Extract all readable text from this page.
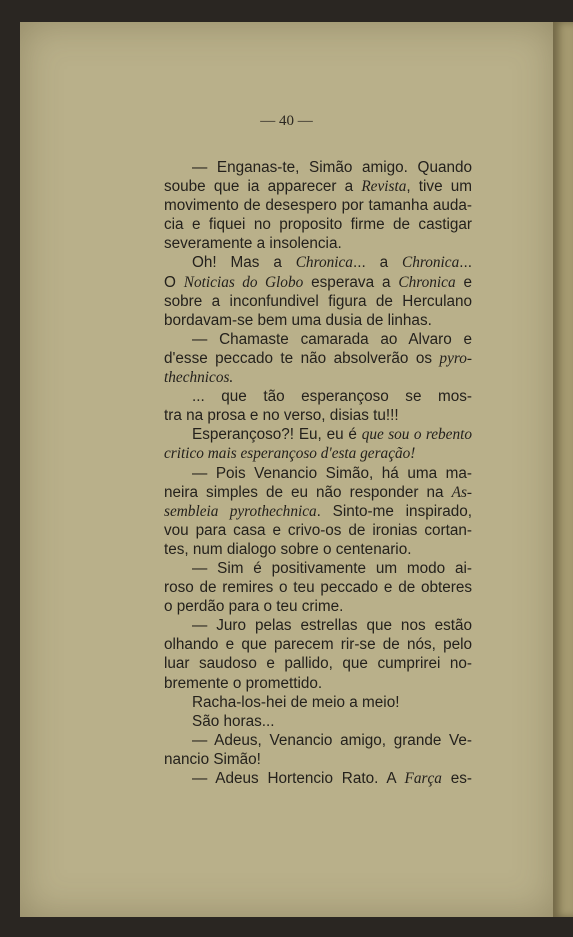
— 40 —
— Enganas-te, Simão amigo. Quando
soube que ia apparecer a Revista, tive um
movimento de desespero por tamanha auda-
cia e fiquei no proposito firme de castigar
severamente a insolencia.
Oh! Mas a Chronica... a Chronica...
O Noticias do Globo esperava a Chronica e
sobre a inconfundivel figura de Herculano
bordavam-se bem uma dusia de linhas.
— Chamaste camarada ao Alvaro e
d'esse peccado te não absolverão os pyro-
thechnicos.
... que tão esperançoso se mos-
tra na prosa e no verso, disias tu!!!
Esperançoso?! Eu, eu é que sou o rebento
critico mais esperançoso d'esta geração!
— Pois Venancio Simão, há uma ma-
neira simples de eu não responder na As-
sembleia pyrothechnica. Sinto-me inspirado,
vou para casa e crivo-os de ironias cortan-
tes, num dialogo sobre o centenario.
— Sim é positivamente um modo ai-
roso de remires o teu peccado e de obteres
o perdão para o teu crime.
— Juro pelas estrellas que nos estão
olhando e que parecem rir-se de nós, pelo
luar saudoso e pallido, que cumprirei no-
bremente o promettido.
Racha-los-hei de meio a meio!
São horas...
— Adeus, Venancio amigo, grande Ve-
nancio Simão!
— Adeus Hortencio Rato. A Farça es-
